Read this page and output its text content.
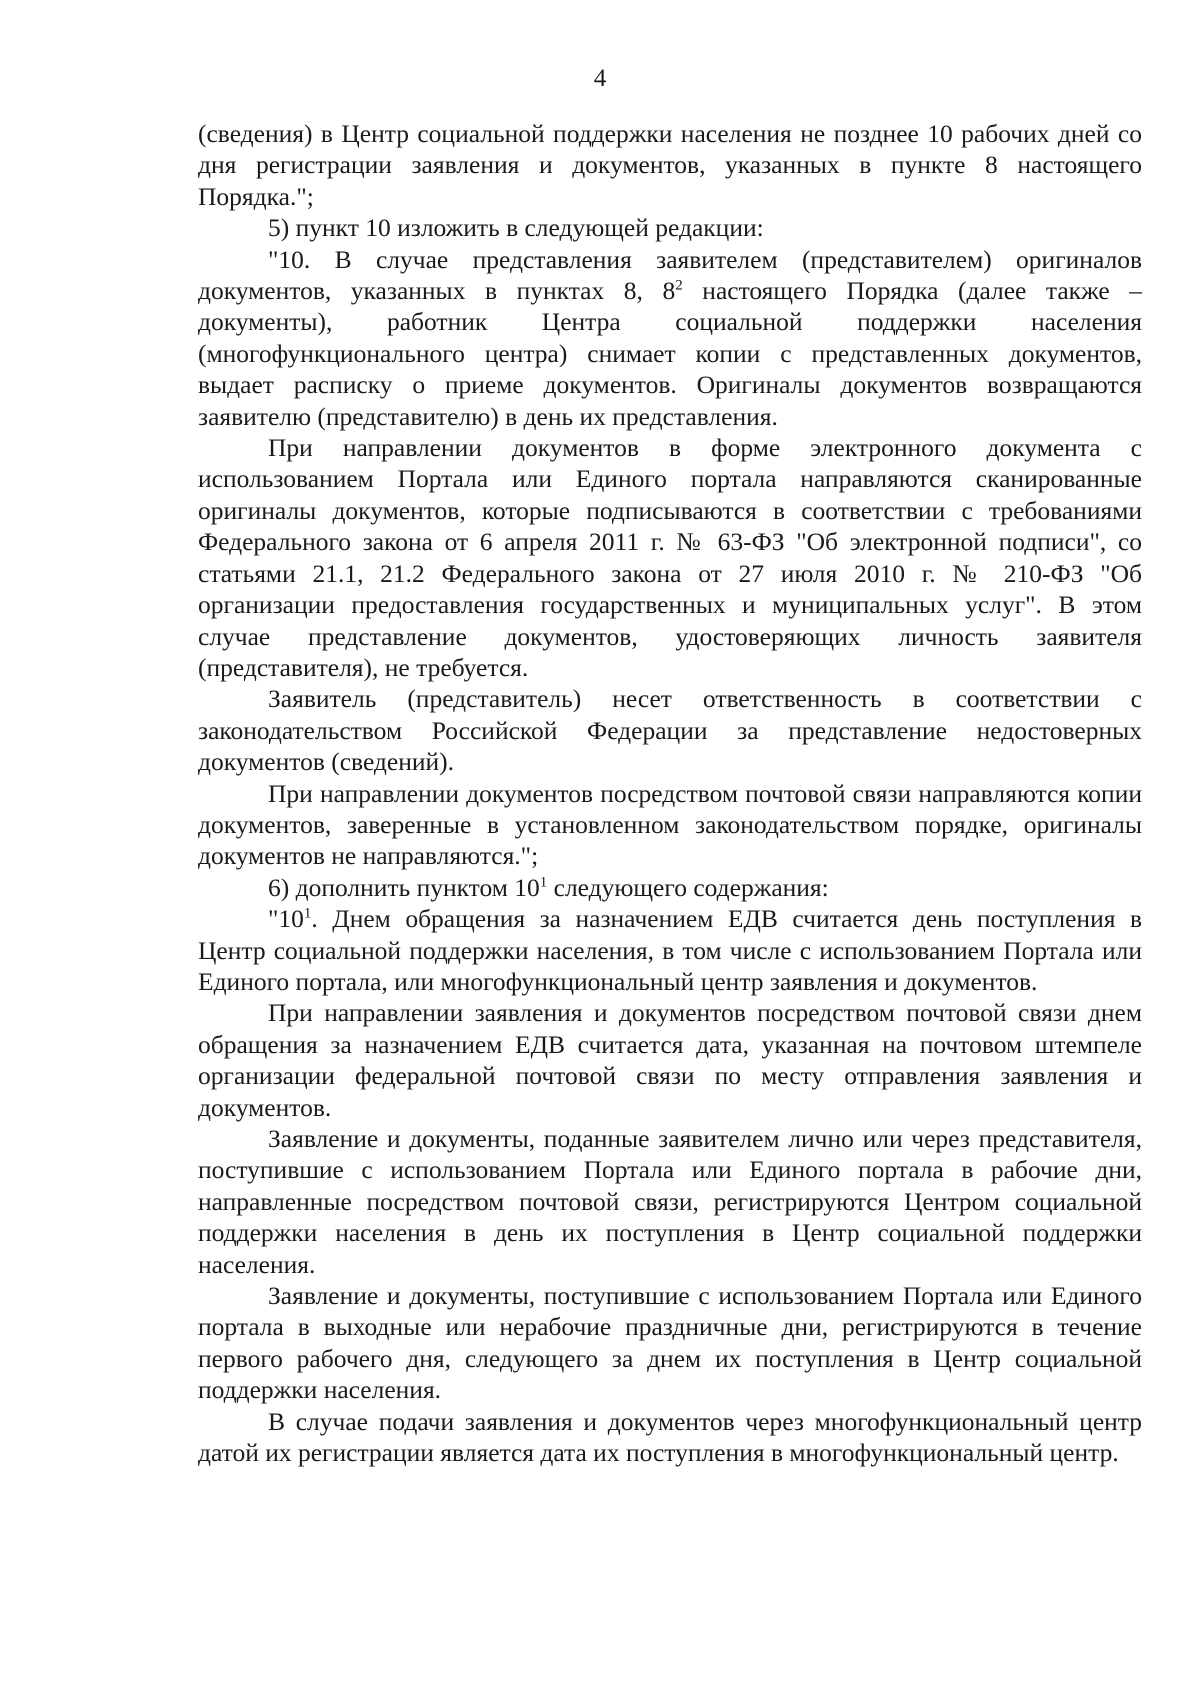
4

(сведения) в Центр социальной поддержки населения не позднее 10 рабочих дней со дня регистрации заявления и документов, указанных в пункте 8 настоящего Порядка.";

5) пункт 10 изложить в следующей редакции:

"10. В случае представления заявителем (представителем) оригиналов документов, указанных в пунктах 8, $8^2$ настоящего Порядка (далее также – документы), работник Центра социальной поддержки населения (многофункционального центра) снимает копии с представленных документов, выдает расписку о приеме документов. Оригиналы документов возвращаются заявителю (представителю) в день их представления.

При направлении документов в форме электронного документа с использованием Портала или Единого портала направляются сканированные оригиналы документов, которые подписываются в соответствии с требованиями Федерального закона от 6 апреля 2011 г. № 63-ФЗ "Об электронной подписи", со статьями 21.1, 21.2 Федерального закона от 27 июля 2010 г. № 210-ФЗ "Об организации предоставления государственных и муниципальных услуг". В этом случае представление документов, удостоверяющих личность заявителя (представителя), не требуется.

Заявитель (представитель) несет ответственность в соответствии с законодательством Российской Федерации за представление недостоверных документов (сведений).

При направлении документов посредством почтовой связи направляются копии документов, заверенные в установленном законодательством порядке, оригиналы документов не направляются.";

6) дополнить пунктом $10^1$ следующего содержания:

"$10^1$. Днем обращения за назначением ЕДВ считается день поступления в Центр социальной поддержки населения, в том числе с использованием Портала или Единого портала, или многофункциональный центр заявления и документов.

При направлении заявления и документов посредством почтовой связи днем обращения за назначением ЕДВ считается дата, указанная на почтовом штемпеле организации федеральной почтовой связи по месту отправления заявления и документов.

Заявление и документы, поданные заявителем лично или через представителя, поступившие с использованием Портала или Единого портала в рабочие дни, направленные посредством почтовой связи, регистрируются Центром социальной поддержки населения в день их поступления в Центр социальной поддержки населения.

Заявление и документы, поступившие с использованием Портала или Единого портала в выходные или нерабочие праздничные дни, регистрируются в течение первого рабочего дня, следующего за днем их поступления в Центр социальной поддержки населения.

В случае подачи заявления и документов через многофункциональный центр датой их регистрации является дата их поступления в многофункциональный центр.
